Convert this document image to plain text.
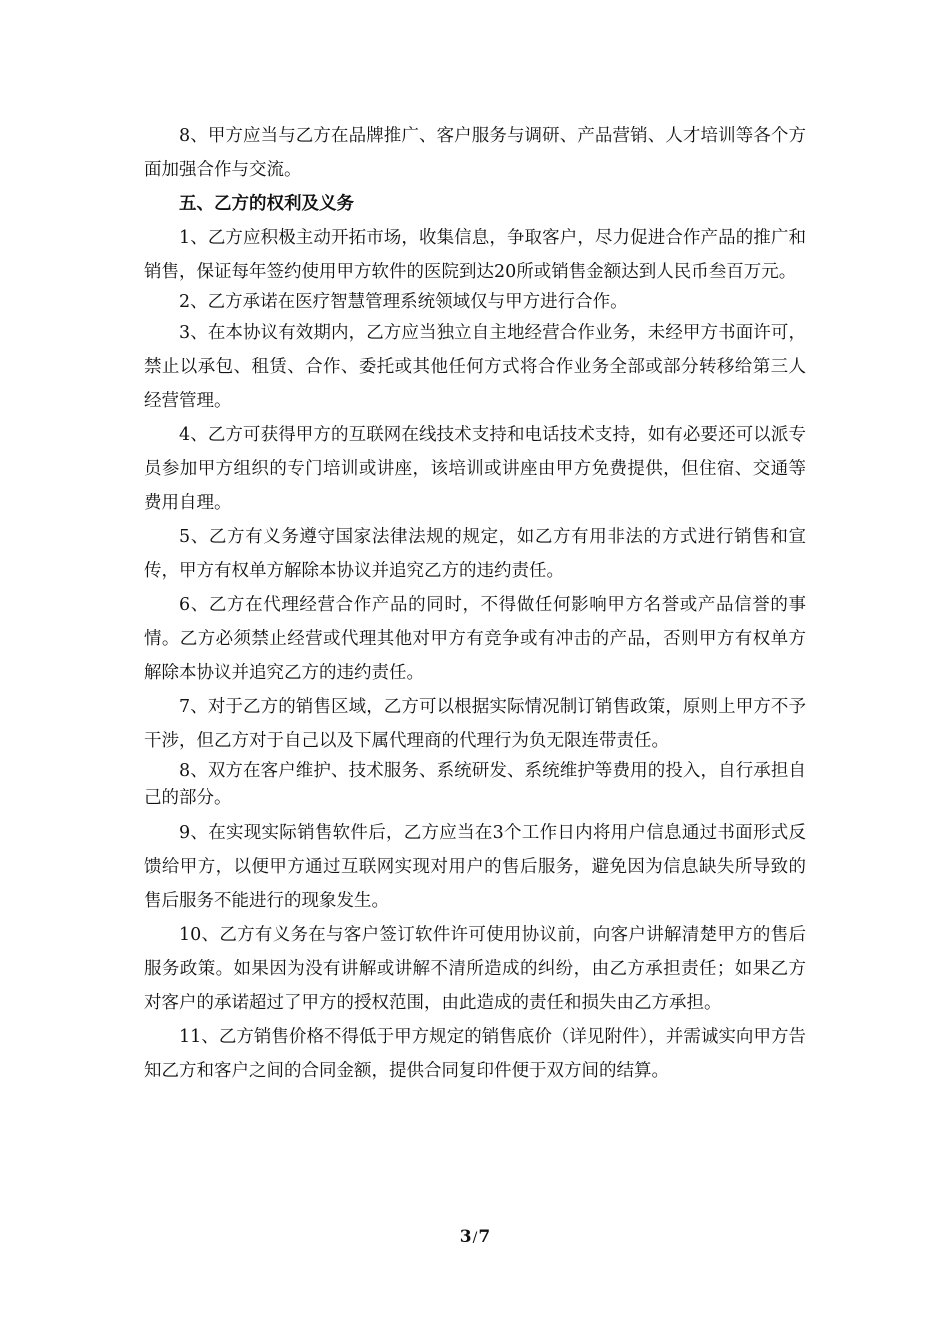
8、甲方应当与乙方在品牌推广、客户服务与调研、产品营销、人才培训等各个方面加强合作与交流。

五、乙方的权利及义务

1、乙方应积极主动开拓市场，收集信息，争取客户，尽力促进合作产品的推广和销售，保证每年签约使用甲方软件的医院到达20所或销售金额达到人民币叁百万元。

2、乙方承诺在医疗智慧管理系统领域仅与甲方进行合作。

3、在本协议有效期内，乙方应当独立自主地经营合作业务，未经甲方书面许可，禁止以承包、租赁、合作、委托或其他任何方式将合作业务全部或部分转移给第三人经营管理。

4、乙方可获得甲方的互联网在线技术支持和电话技术支持，如有必要还可以派专员参加甲方组织的专门培训或讲座，该培训或讲座由甲方免费提供，但住宿、交通等费用自理。

5、乙方有义务遵守国家法律法规的规定，如乙方有用非法的方式进行销售和宣传，甲方有权单方解除本协议并追究乙方的违约责任。

6、乙方在代理经营合作产品的同时，不得做任何影响甲方名誉或产品信誉的事情。乙方必须禁止经营或代理其他对甲方有竞争或有冲击的产品，否则甲方有权单方解除本协议并追究乙方的违约责任。

7、对于乙方的销售区域，乙方可以根据实际情况制订销售政策，原则上甲方不予干涉，但乙方对于自己以及下属代理商的代理行为负无限连带责任。

8、双方在客户维护、技术服务、系统研发、系统维护等费用的投入，自行承担自己的部分。

9、在实现实际销售软件后，乙方应当在3个工作日内将用户信息通过书面形式反馈给甲方，以便甲方通过互联网实现对用户的售后服务，避免因为信息缺失所导致的售后服务不能进行的现象发生。

10、乙方有义务在与客户签订软件许可使用协议前，向客户讲解清楚甲方的售后服务政策。如果因为没有讲解或讲解不清所造成的纠纷，由乙方承担责任；如果乙方对客户的承诺超过了甲方的授权范围，由此造成的责任和损失由乙方承担。

11、乙方销售价格不得低于甲方规定的销售底价（详见附件），并需诚实向甲方告知乙方和客户之间的合同金额，提供合同复印件便于双方间的结算。

3/7
